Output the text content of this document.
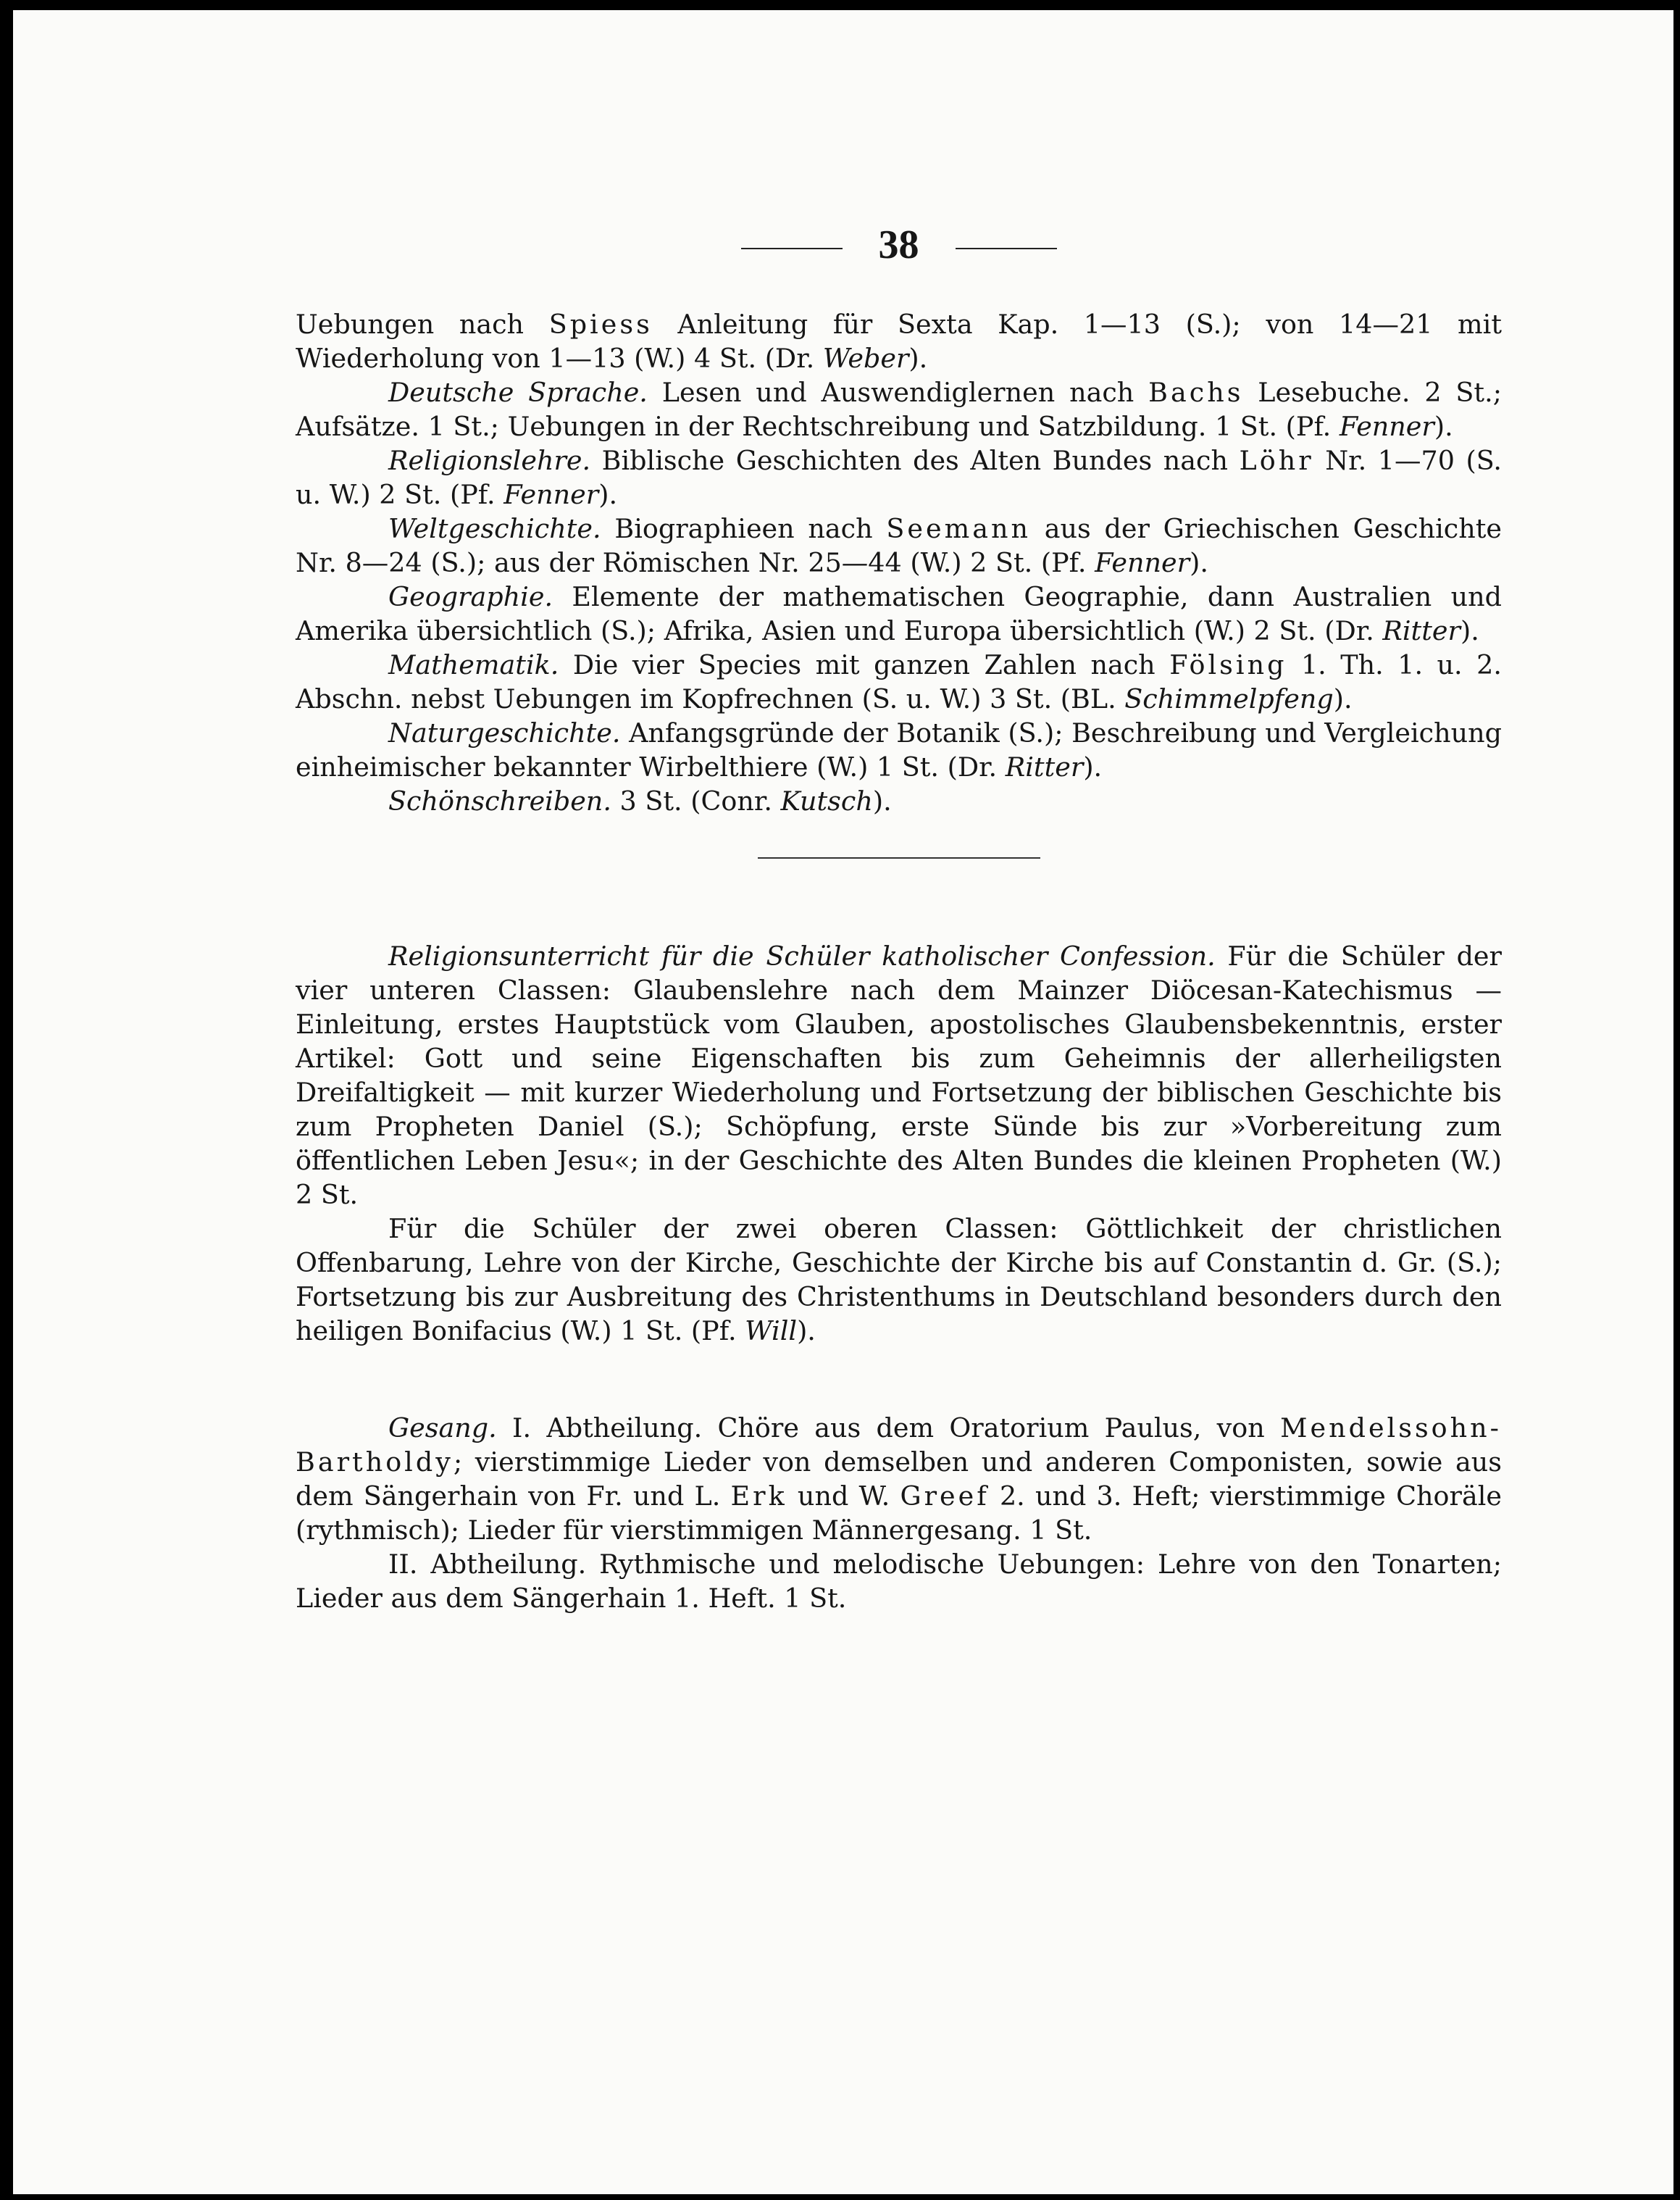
38

Uebungen nach Spiess Anleitung für Sexta Kap. 1—13 (S.); von 14—21 mit Wiederholung von 1—13 (W.) 4 St. (Dr. Weber).

Deutsche Sprache. Lesen und Auswendiglernen nach Bachs Lesebuche. 2 St.; Aufsätze. 1 St.; Uebungen in der Rechtschreibung und Satzbildung. 1 St. (Pf. Fenner).

Religionslehre. Biblische Geschichten des Alten Bundes nach Löhr Nr. 1—70 (S. u. W.) 2 St. (Pf. Fenner).

Weltgeschichte. Biographieen nach Seemann aus der Griechischen Geschichte Nr. 8—24 (S.); aus der Römischen Nr. 25—44 (W.) 2 St. (Pf. Fenner).

Geographie. Elemente der mathematischen Geographie, dann Australien und Amerika übersichtlich (S.); Afrika, Asien und Europa übersichtlich (W.) 2 St. (Dr. Ritter).

Mathematik. Die vier Species mit ganzen Zahlen nach Fölsing 1. Th. 1. u. 2. Abschn. nebst Uebungen im Kopfrechnen (S. u. W.) 3 St. (BL. Schimmelpfeng).

Naturgeschichte. Anfangsgründe der Botanik (S.); Beschreibung und Vergleichung einheimischer bekannter Wirbelthiere (W.) 1 St. (Dr. Ritter).

Schönschreiben. 3 St. (Conr. Kutsch).

Religionsunterricht für die Schüler katholischer Confession. Für die Schüler der vier unteren Classen: Glaubenslehre nach dem Mainzer Diöcesan-Katechismus — Einleitung, erstes Hauptstück vom Glauben, apostolisches Glaubensbekenntnis, erster Artikel: Gott und seine Eigenschaften bis zum Geheimnis der allerheiligsten Dreifaltigkeit — mit kurzer Wiederholung und Fortsetzung der biblischen Geschichte bis zum Propheten Daniel (S.); Schöpfung, erste Sünde bis zur »Vorbereitung zum öffentlichen Leben Jesu«; in der Geschichte des Alten Bundes die kleinen Propheten (W.) 2 St.

Für die Schüler der zwei oberen Classen: Göttlichkeit der christlichen Offenbarung, Lehre von der Kirche, Geschichte der Kirche bis auf Constantin d. Gr. (S.); Fortsetzung bis zur Ausbreitung des Christenthums in Deutschland besonders durch den heiligen Bonifacius (W.) 1 St. (Pf. Will).

Gesang. I. Abtheilung. Chöre aus dem Oratorium Paulus, von Mendelssohn-Bartholdy; vierstimmige Lieder von demselben und anderen Componisten, sowie aus dem Sängerhain von Fr. und L. Erk und W. Greef 2. und 3. Heft; vierstimmige Choräle (rythmisch); Lieder für vierstimmigen Männergesang. 1 St.

II. Abtheilung. Rythmische und melodische Uebungen: Lehre von den Tonarten; Lieder aus dem Sängerhain 1. Heft. 1 St.
